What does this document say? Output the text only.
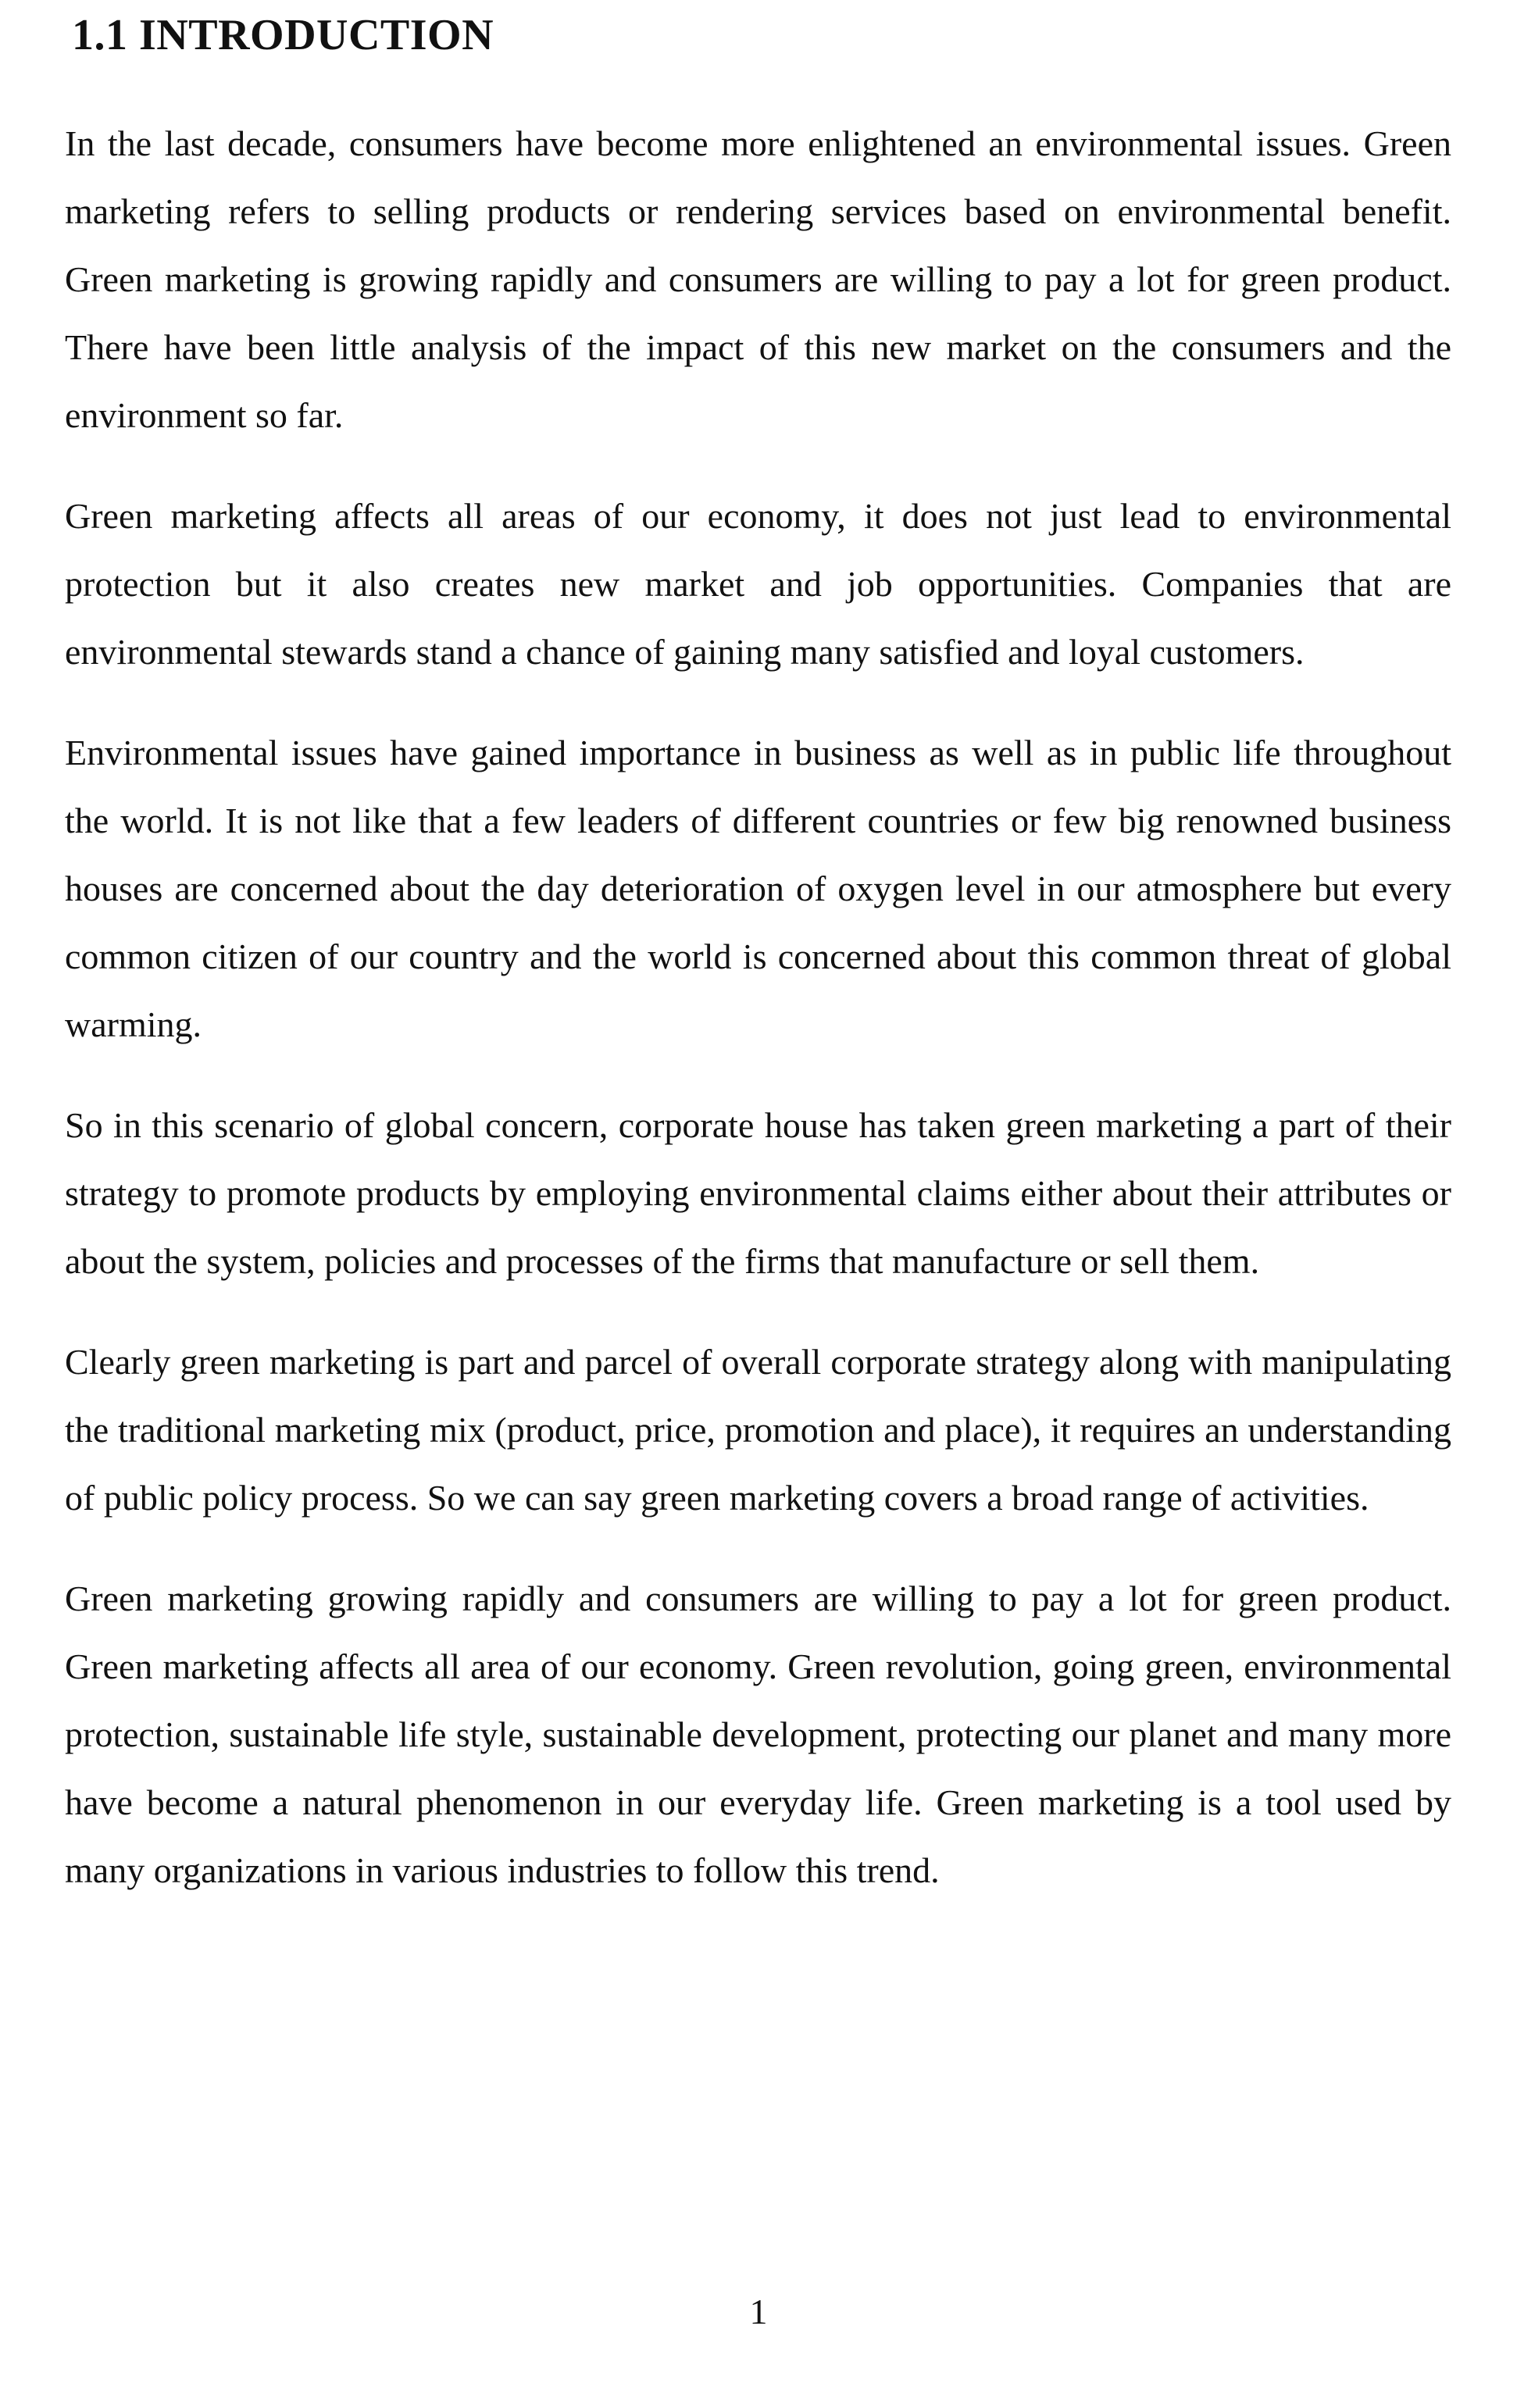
1.1 INTRODUCTION

In the last decade, consumers have become more enlightened an environmental issues. Green marketing refers to selling products or rendering services based on environmental benefit. Green marketing is growing rapidly and consumers are willing to pay a lot for green product. There have been little analysis of the impact of this new market on the consumers and the environment so far.

Green marketing affects all areas of our economy, it does not just lead to environmental protection but it also creates new market and job opportunities. Companies that are environmental stewards stand a chance of gaining many satisfied and loyal customers.

Environmental issues have gained importance in business as well as in public life throughout the world. It is not like that a few leaders of different countries or few big renowned business houses are concerned about the day deterioration of oxygen level in our atmosphere but every common citizen of our country and the world is concerned about this common threat of global warming.

So in this scenario of global concern, corporate house has taken green marketing a part of their strategy to promote products by employing environmental claims either about their attributes or about the system, policies and processes of the firms that manufacture or sell them.

Clearly green marketing is part and parcel of overall corporate strategy along with manipulating the traditional marketing mix (product, price, promotion and place), it requires an understanding of public policy process. So we can say green marketing covers a broad range of activities.

Green marketing growing rapidly and consumers are willing to pay a lot for green product. Green marketing affects all area of our economy. Green revolution, going green, environmental protection, sustainable life style, sustainable development, protecting our planet and many more have become a natural phenomenon in our everyday life. Green marketing is a tool used by many organizations in various industries to follow this trend.

1
